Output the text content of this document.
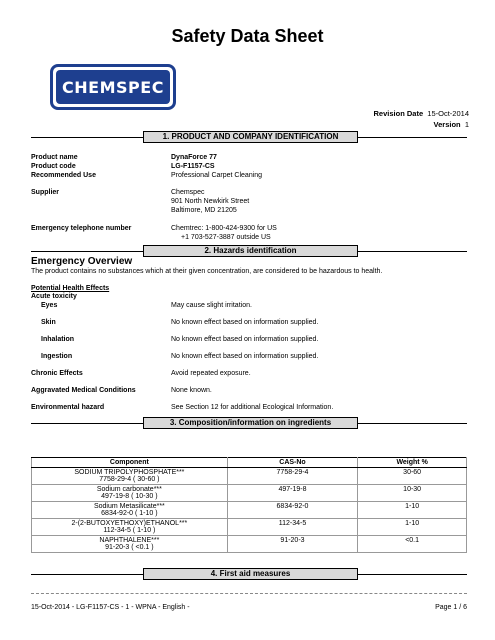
Safety Data Sheet
CHEMSPEC
Revision Date 15-Oct-2014
Version 1
1. PRODUCT AND COMPANY IDENTIFICATION
Product name	DynaForce 77
Product code	LG-F1157-CS
Recommended Use	Professional Carpet Cleaning
Supplier	Chemspec
901 North Newkirk Street
Baltimore, MD 21205
Emergency telephone number	Chemtrec: 1-800-424-9300 for US
+1 703-527-3887 outside US
2. Hazards identification
Emergency Overview
The product contains no substances which at their given concentration, are considered to be hazardous to health.
Potential Health Effects
Acute toxicity
Eyes	May cause slight irritation.
Skin	No known effect based on information supplied.
Inhalation	No known effect based on information supplied.
Ingestion	No known effect based on information supplied.
Chronic Effects	Avoid repeated exposure.
Aggravated Medical Conditions	None known.
Environmental hazard	See Section 12 for additional Ecological Information.
3. Composition/information on ingredients
Component	CAS-No	Weight %

SODIUM TRIPOLYPHOSPHATE***
7758-29-4 ( 30-60 )	7758-29-4	30-60

Sodium carbonate***
497-19-8 ( 10-30 )	497-19-8	10-30

Sodium Metasilicate***
6834-92-0 ( 1-10 )	6834-92-0	1-10

2-(2-BUTOXYETHOXY)ETHANOL***
112-34-5 ( 1-10 )	112-34-5	1-10

NAPHTHALENE***
91-20-3 ( <0.1 )	91-20-3	<0.1
4. First aid measures
15-Oct-2014 - LG-F1157-CS - 1 - WPNA - English -	Page 1 / 6
